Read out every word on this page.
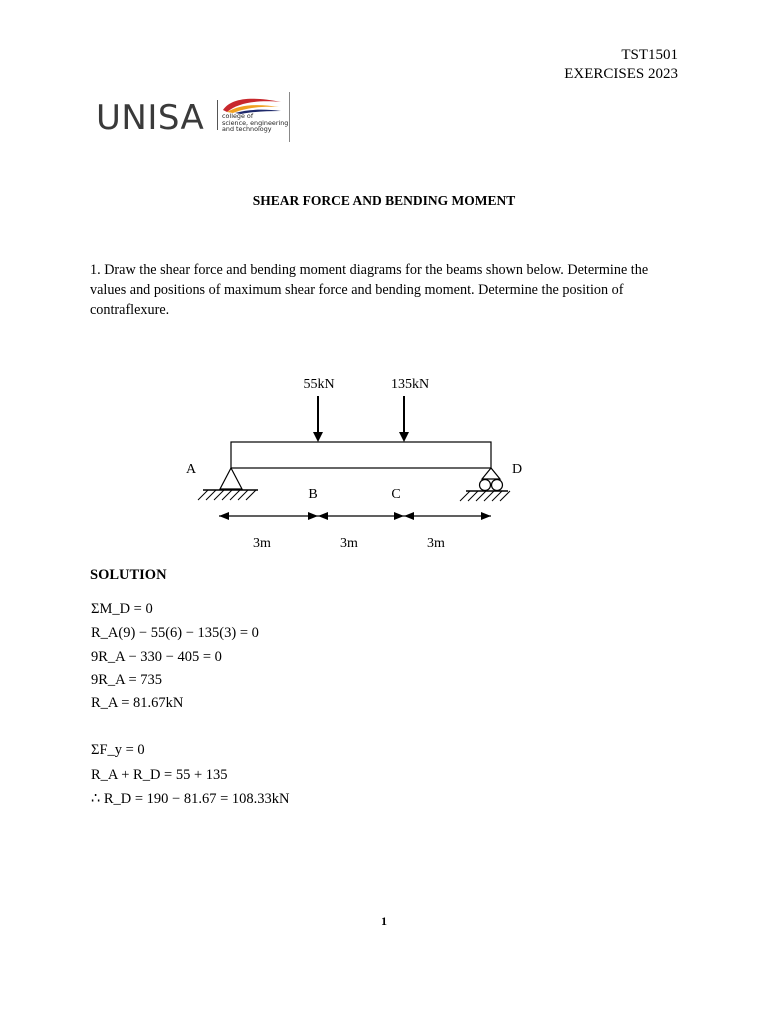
TST1501
EXERCISES 2023
UNISA	college of
science, engineering
and technology
SHEAR FORCE AND BENDING MOMENT
1. Draw the shear force and bending moment diagrams for the beams shown below. Determine the values and positions of maximum shear force and bending moment. Determine the position of contraflexure.
55kN	135kN
A	D
B	C
3m	3m	3m
SOLUTION
ΣM_D = 0
R_A(9) − 55(6) − 135(3) = 0
9R_A − 330 − 405 = 0
9R_A = 735
R_A = 81.67kN
ΣF_y = 0
R_A + R_D = 55 + 135
∴ R_D = 190 − 81.67 = 108.33kN
1
